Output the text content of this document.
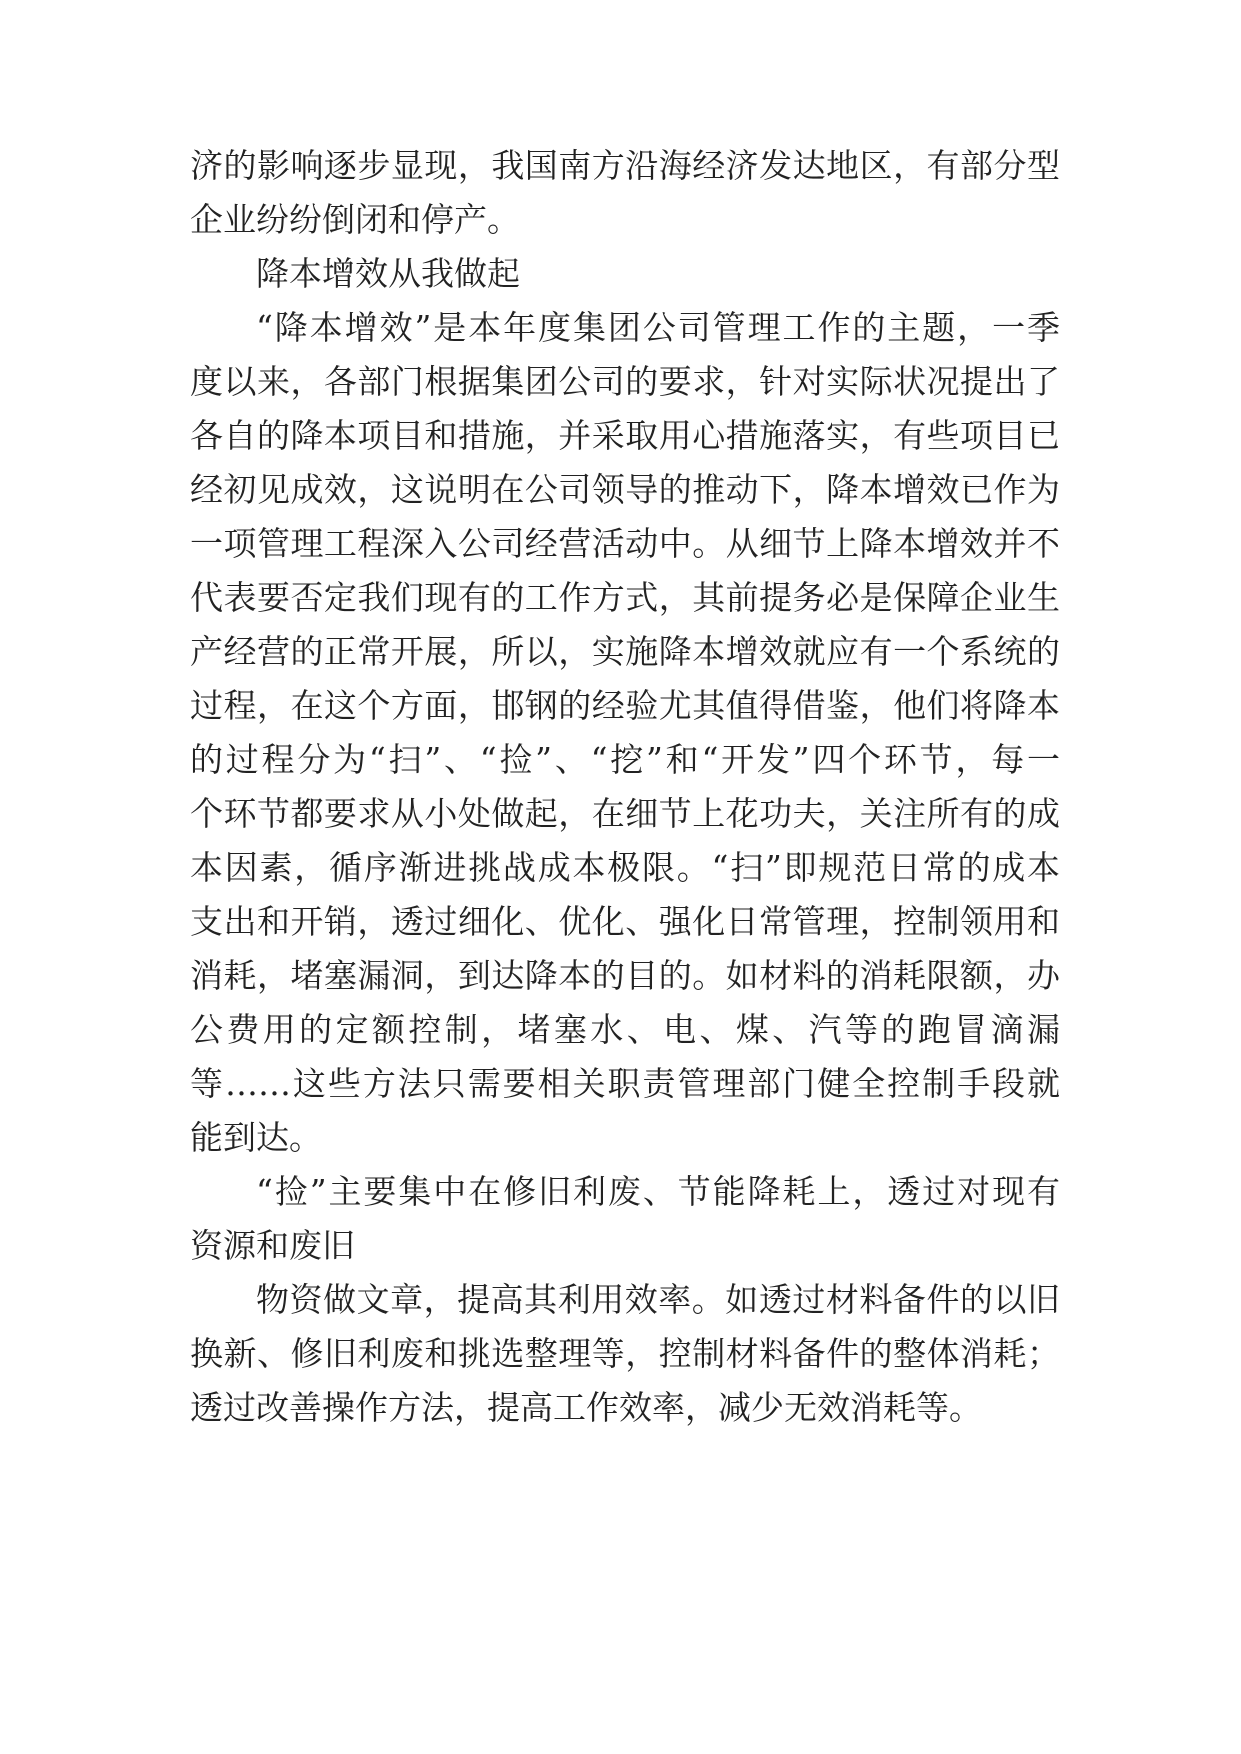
济的影响逐步显现，我国南方沿海经济发达地区，有部分型
企业纷纷倒闭和停产。
降本增效从我做起
“降本增效”是本年度集团公司管理工作的主题，一季
度以来，各部门根据集团公司的要求，针对实际状况提出了
各自的降本项目和措施，并采取用心措施落实，有些项目已
经初见成效，这说明在公司领导的推动下，降本增效已作为
一项管理工程深入公司经营活动中。从细节上降本增效并不
代表要否定我们现有的工作方式，其前提务必是保障企业生
产经营的正常开展，所以，实施降本增效就应有一个系统的
过程，在这个方面，邯钢的经验尤其值得借鉴，他们将降本
的过程分为“扫”、“捡”、“挖”和“开发”四个环节，每一
个环节都要求从小处做起，在细节上花功夫，关注所有的成
本因素，循序渐进挑战成本极限。“扫”即规范日常的成本
支出和开销，透过细化、优化、强化日常管理，控制领用和
消耗，堵塞漏洞，到达降本的目的。如材料的消耗限额，办
公费用的定额控制，堵塞水、电、煤、汽等的跑冒滴漏
等……这些方法只需要相关职责管理部门健全控制手段就
能到达。
“捡”主要集中在修旧利废、节能降耗上，透过对现有
资源和废旧
物资做文章，提高其利用效率。如透过材料备件的以旧
换新、修旧利废和挑选整理等，控制材料备件的整体消耗；
透过改善操作方法，提高工作效率，减少无效消耗等。
